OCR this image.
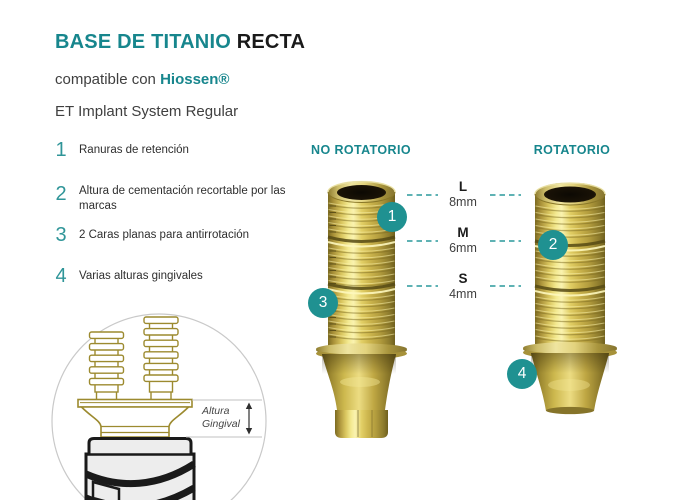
BASE DE TITANIO RECTA
compatible con Hiossen®
ET Implant System Regular
1	Ranuras de retención
2	Altura de cementación recortable por las marcas
3	2 Caras planas para antirrotación
4	Varias alturas gingivales
NO ROTATORIO	ROTATORIO
L
8mm
M
6mm
S
4mm
1
2
3
4
Altura
Gingival
